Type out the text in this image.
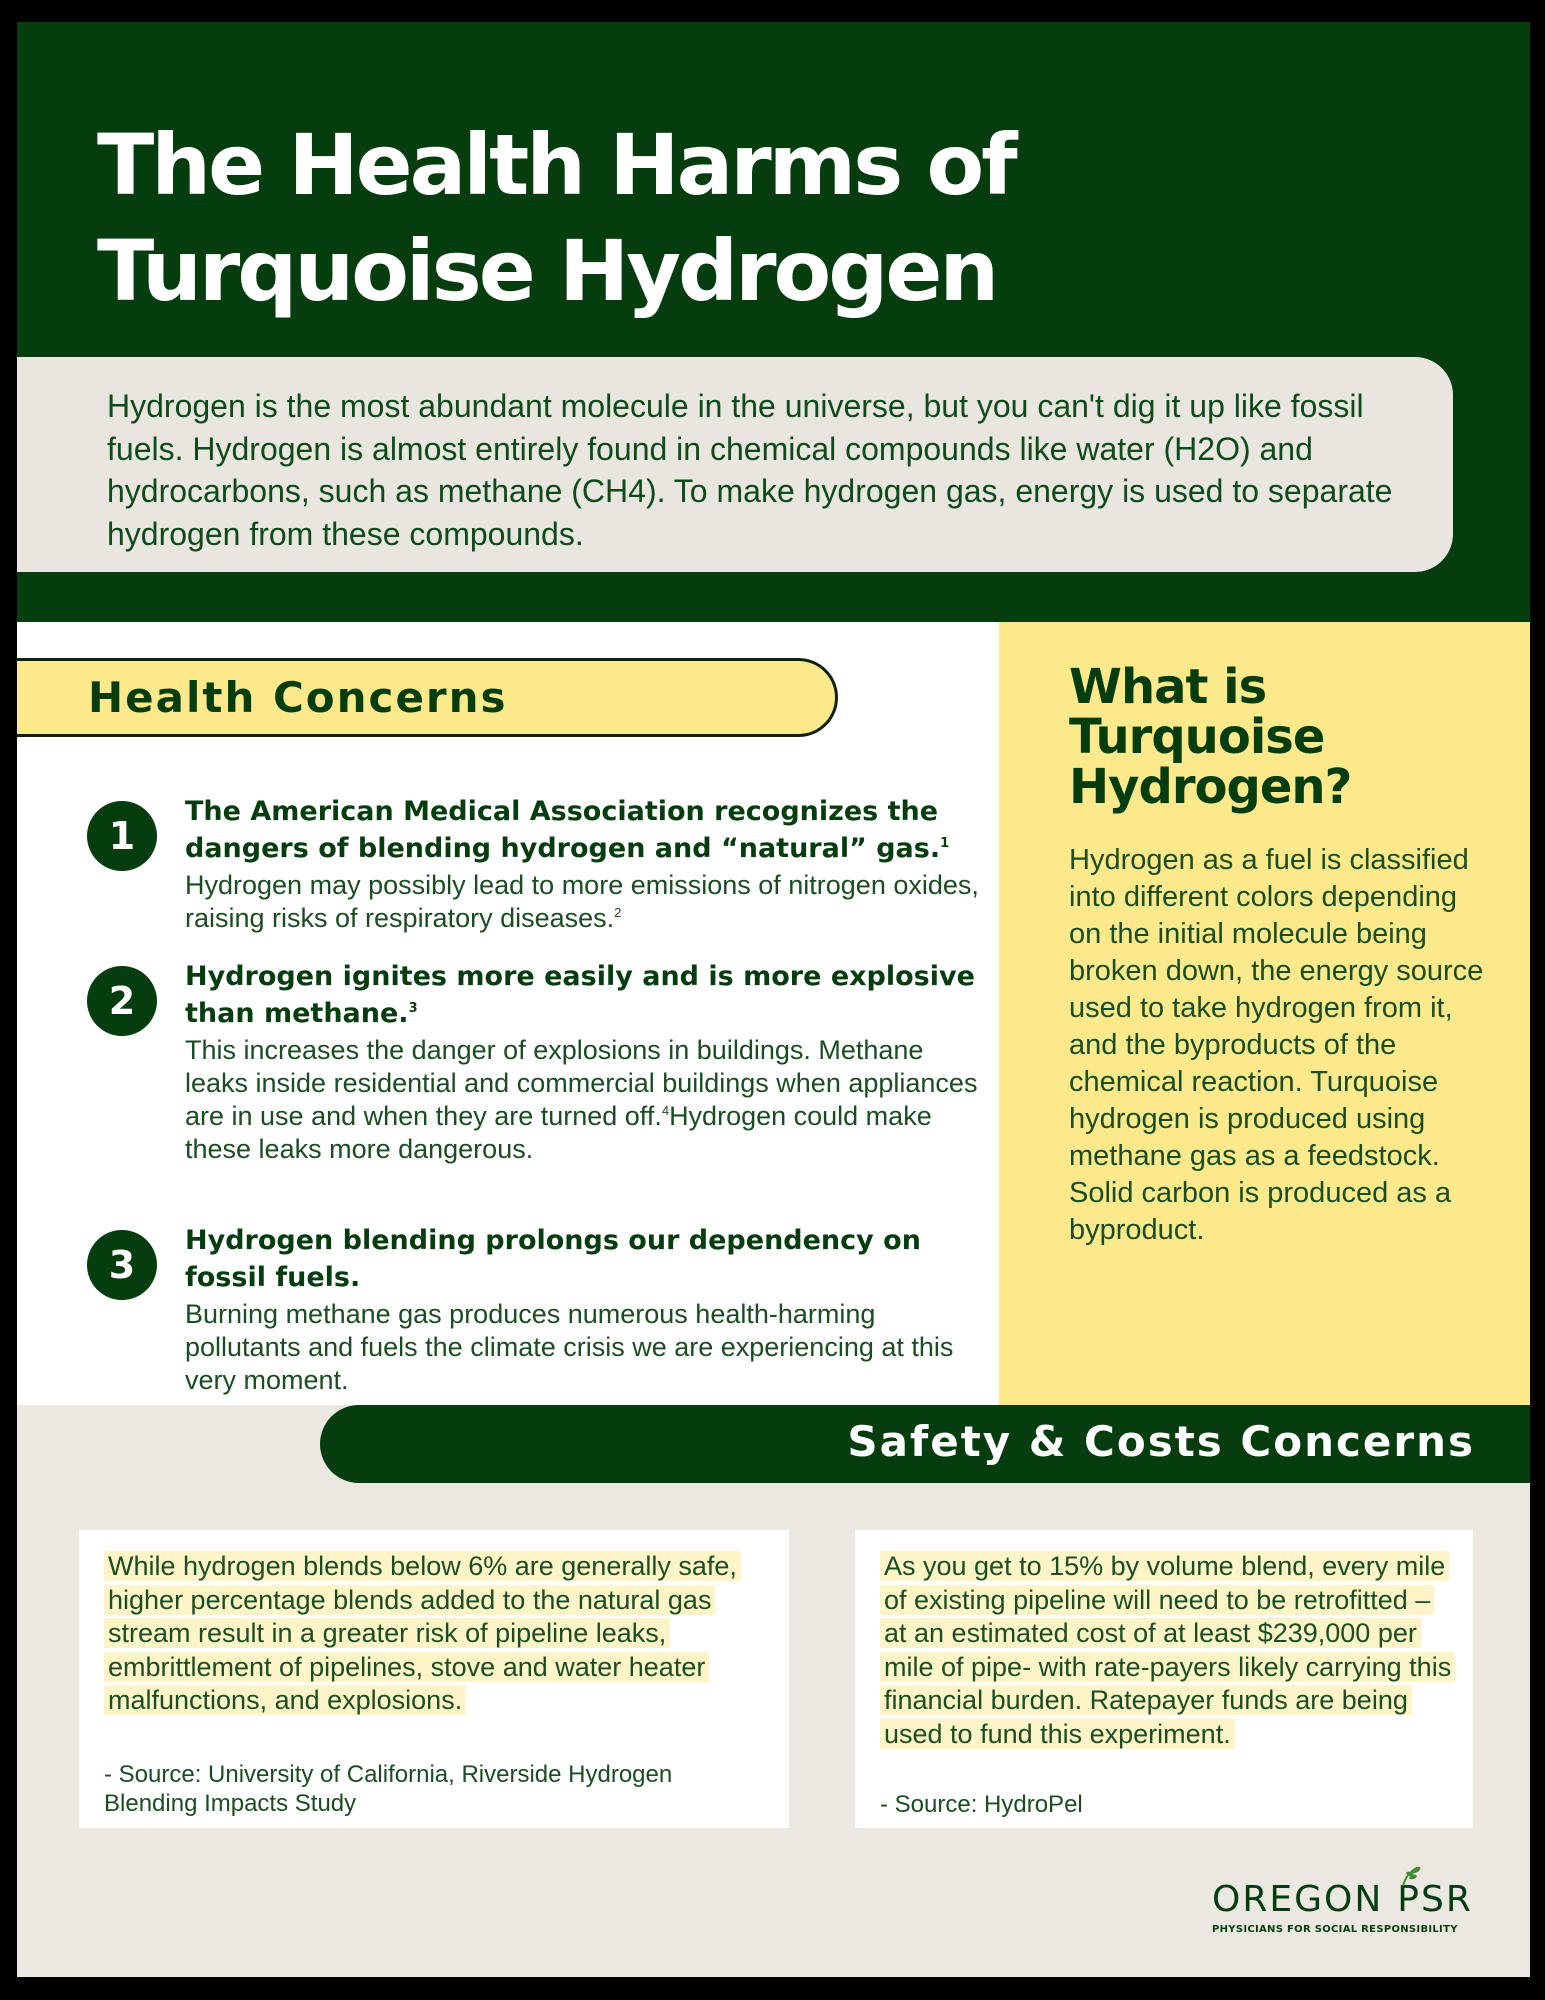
The Health Harms of
Turquoise Hydrogen

Hydrogen is the most abundant molecule in the universe, but you can't dig it up like fossil fuels. Hydrogen is almost entirely found in chemical compounds like water (H2O) and hydrocarbons, such as methane (CH4). To make hydrogen gas, energy is used to separate hydrogen from these compounds.

Health Concerns
1
The American Medical Association recognizes the dangers of blending hydrogen and “natural” gas.$^1$
Hydrogen may possibly lead to more emissions of nitrogen oxides, raising risks of respiratory diseases.$^2$
2
Hydrogen ignites more easily and is more explosive than methane.$^3$
This increases the danger of explosions in buildings. Methane leaks inside residential and commercial buildings when appliances are in use and when they are turned off.$^4$Hydrogen could make these leaks more dangerous.
3
Hydrogen blending prolongs our dependency on fossil fuels.
Burning methane gas produces numerous health-harming pollutants and fuels the climate crisis we are experiencing at this very moment.
What is Turquoise Hydrogen?

Hydrogen as a fuel is classified into different colors depending on the initial molecule being broken down, the energy source used to take hydrogen from it, and the byproducts of the chemical reaction. Turquoise hydrogen is produced using methane gas as a feedstock. Solid carbon is produced as a byproduct.

Safety & Costs Concerns
While hydrogen blends below 6% are generally safe, higher percentage blends added to the natural gas stream result in a greater risk of pipeline leaks, embrittlement of pipelines, stove and water heater malfunctions, and explosions.
- Source: University of California, Riverside Hydrogen Blending Impacts Study
As you get to 15% by volume blend, every mile of existing pipeline will need to be retrofitted – at an estimated cost of at least $239,000 per mile of pipe- with rate-payers likely carrying this financial burden. Ratepayer funds are being used to fund this experiment.
- Source: HydroPel
OREGON PSR
PHYSICIANS FOR SOCIAL RESPONSIBILITY
